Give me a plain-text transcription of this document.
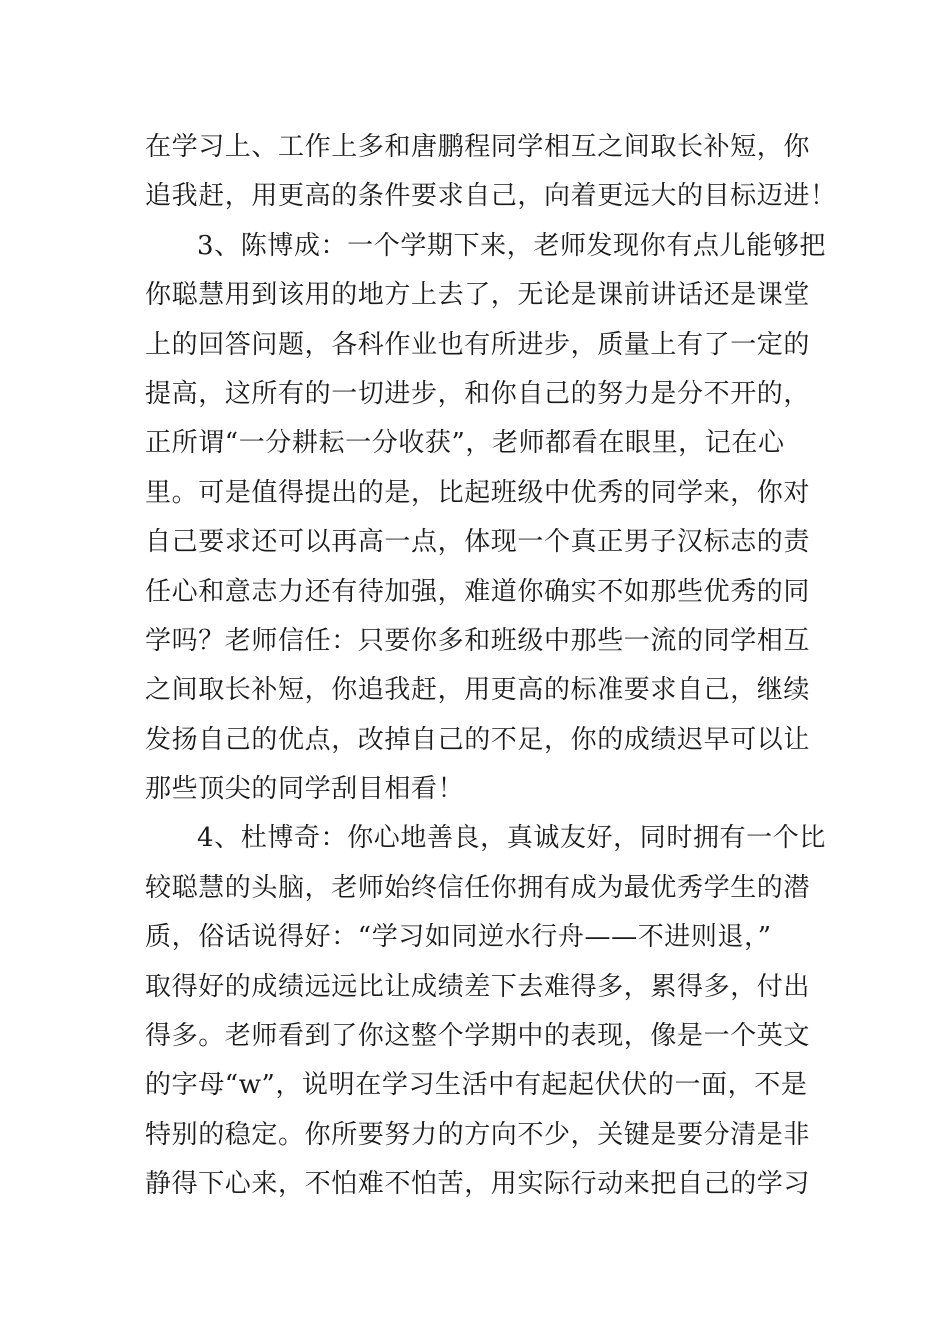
在学习上、工作上多和唐鹏程同学相互之间取长补短，你
追我赶，用更高的条件要求自己，向着更远大的目标迈进！
3、陈博成：一个学期下来，老师发现你有点儿能够把
你聪慧用到该用的地方上去了，无论是课前讲话还是课堂
上的回答问题，各科作业也有所进步，质量上有了一定的
提高，这所有的一切进步，和你自己的努力是分不开的，
正所谓“一分耕耘一分收获”，老师都看在眼里，记在心
里。可是值得提出的是，比起班级中优秀的同学来，你对
自己要求还可以再高一点，体现一个真正男子汉标志的责
任心和意志力还有待加强，难道你确实不如那些优秀的同
学吗？老师信任：只要你多和班级中那些一流的同学相互
之间取长补短，你追我赶，用更高的标准要求自己，继续
发扬自己的优点，改掉自己的不足，你的成绩迟早可以让
那些顶尖的同学刮目相看！
4、杜博奇：你心地善良，真诚友好，同时拥有一个比
较聪慧的头脑，老师始终信任你拥有成为最优秀学生的潜
质，俗话说得好：“学习如同逆水行舟——不进则退，”
取得好的成绩远远比让成绩差下去难得多，累得多，付出
得多。老师看到了你这整个学期中的表现，像是一个英文
的字母“w”，说明在学习生活中有起起伏伏的一面，不是
特别的稳定。你所要努力的方向不少，关键是要分清是非
静得下心来，不怕难不怕苦，用实际行动来把自己的学习
